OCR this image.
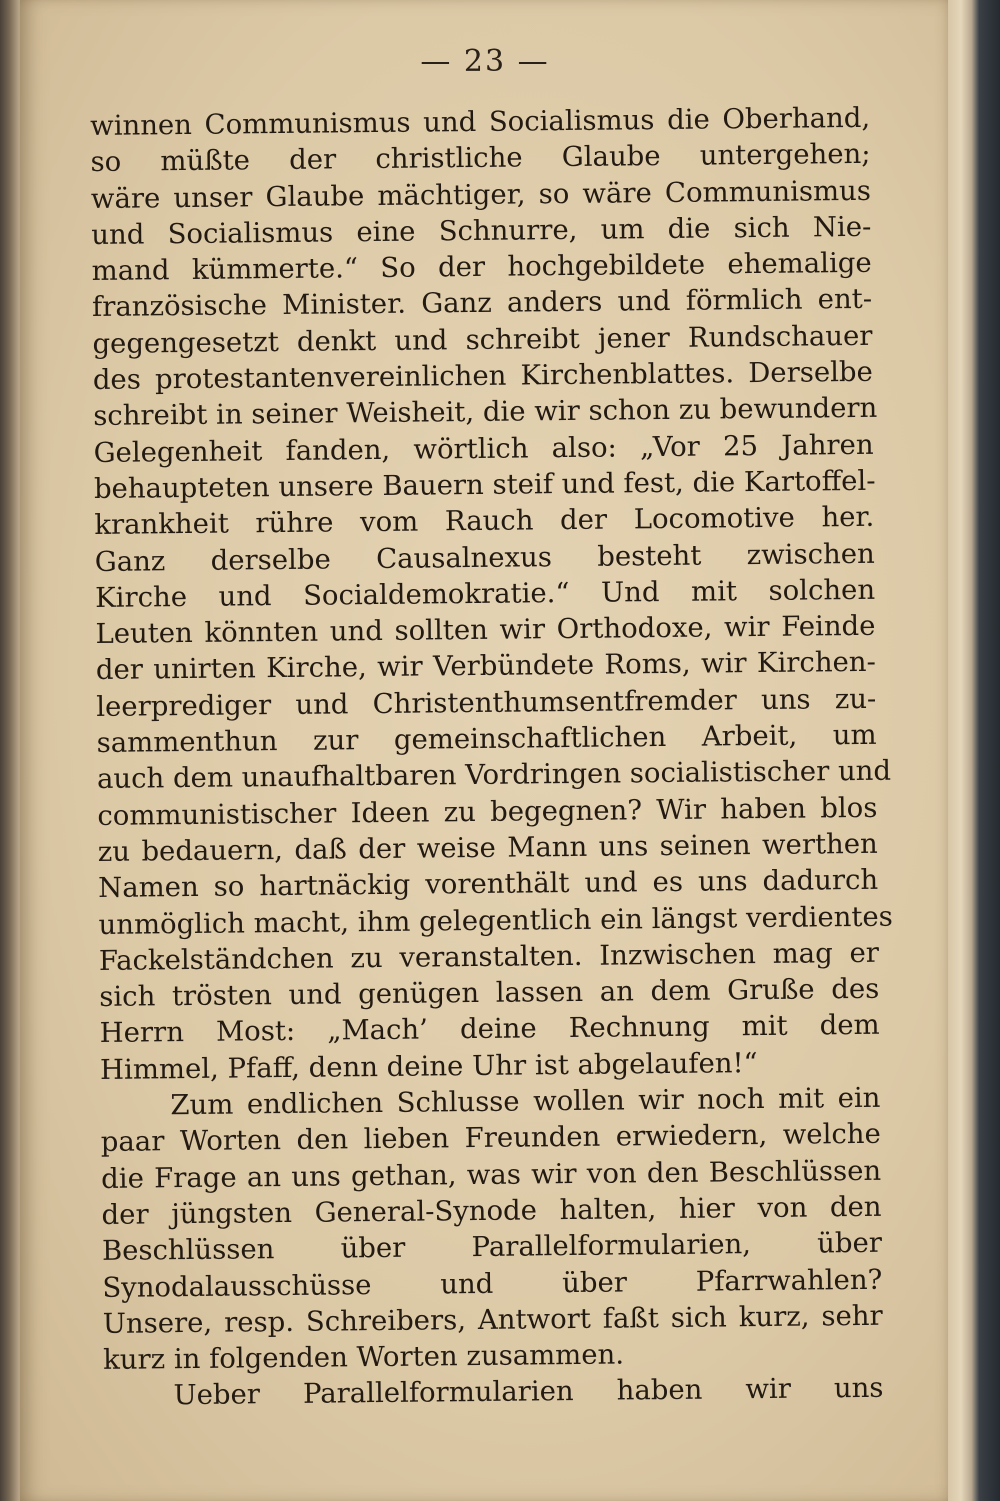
— 23 —
winnen Communismus und Socialismus die Oberhand,
so müßte der christliche Glaube untergehen;
wäre unser Glaube mächtiger, so wäre Communismus
und Socialismus eine Schnurre, um die sich Nie-
mand kümmerte.“ So der hochgebildete ehemalige
französische Minister. Ganz anders und förmlich ent-
gegengesetzt denkt und schreibt jener Rundschauer
des protestantenvereinlichen Kirchenblattes. Derselbe
schreibt in seiner Weisheit, die wir schon zu bewundern
Gelegenheit fanden, wörtlich also: „Vor 25 Jahren
behaupteten unsere Bauern steif und fest, die Kartoffel-
krankheit rühre vom Rauch der Locomotive her.
Ganz derselbe Causalnexus besteht zwischen
Kirche und Socialdemokratie.“ Und mit solchen
Leuten könnten und sollten wir Orthodoxe, wir Feinde
der unirten Kirche, wir Verbündete Roms, wir Kirchen-
leerprediger und Christenthumsentfremder uns zu-
sammenthun zur gemeinschaftlichen Arbeit, um
auch dem unaufhaltbaren Vordringen socialistischer und
communistischer Ideen zu begegnen? Wir haben blos
zu bedauern, daß der weise Mann uns seinen werthen
Namen so hartnäckig vorenthält und es uns dadurch
unmöglich macht, ihm gelegentlich ein längst verdientes
Fackelständchen zu veranstalten. Inzwischen mag er
sich trösten und genügen lassen an dem Gruße des
Herrn Most: „Mach’ deine Rechnung mit dem
Himmel, Pfaff, denn deine Uhr ist abgelaufen!“
Zum endlichen Schlusse wollen wir noch mit ein
paar Worten den lieben Freunden erwiedern, welche
die Frage an uns gethan, was wir von den Beschlüssen
der jüngsten General-Synode halten, hier von den
Beschlüssen über Parallelformularien, über
Synodalausschüsse und über Pfarrwahlen?
Unsere, resp. Schreibers, Antwort faßt sich kurz, sehr
kurz in folgenden Worten zusammen.
Ueber Parallelformularien haben wir uns
